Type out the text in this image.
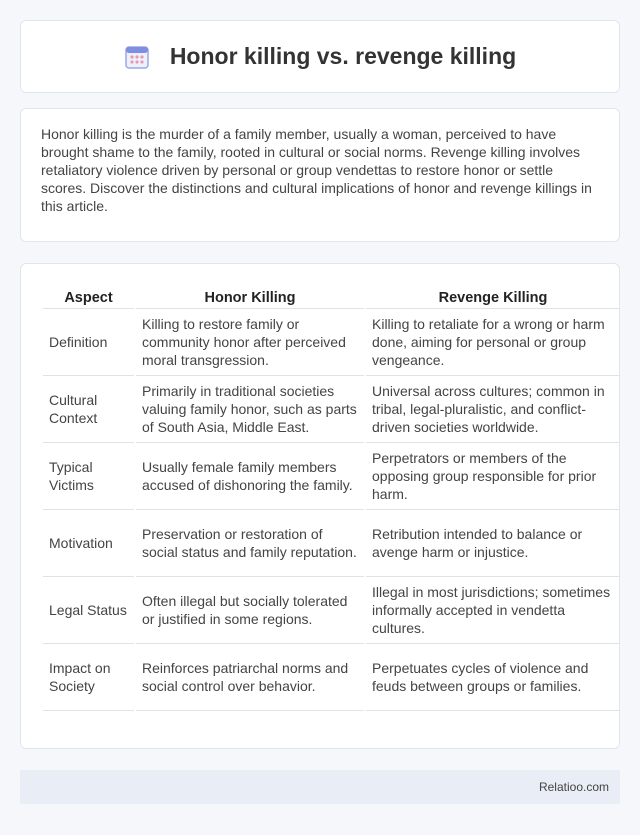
Honor killing vs. revenge killing

Honor killing is the murder of a family member, usually a woman, perceived to have brought shame to the family, rooted in cultural or social norms. Revenge killing involves retaliatory violence driven by personal or group vendettas to restore honor or settle scores. Discover the distinctions and cultural implications of honor and revenge killings in this article.

Aspect	Honor Killing	Revenge Killing
Definition	Killing to restore family or community honor after perceived moral transgression.	Killing to retaliate for a wrong or harm done, aiming for personal or group vengeance.
Cultural Context	Primarily in traditional societies valuing family honor, such as parts of South Asia, Middle East.	Universal across cultures; common in tribal, legal-pluralistic, and conflict-driven societies worldwide.
Typical Victims	Usually female family members accused of dishonoring the family.	Perpetrators or members of the opposing group responsible for prior harm.
Motivation	Preservation or restoration of social status and family reputation.	Retribution intended to balance or avenge harm or injustice.
Legal Status	Often illegal but socially tolerated or justified in some regions.	Illegal in most jurisdictions; sometimes informally accepted in vendetta cultures.
Impact on Society	Reinforces patriarchal norms and social control over behavior.	Perpetuates cycles of violence and feuds between groups or families.
Relatioo.com
